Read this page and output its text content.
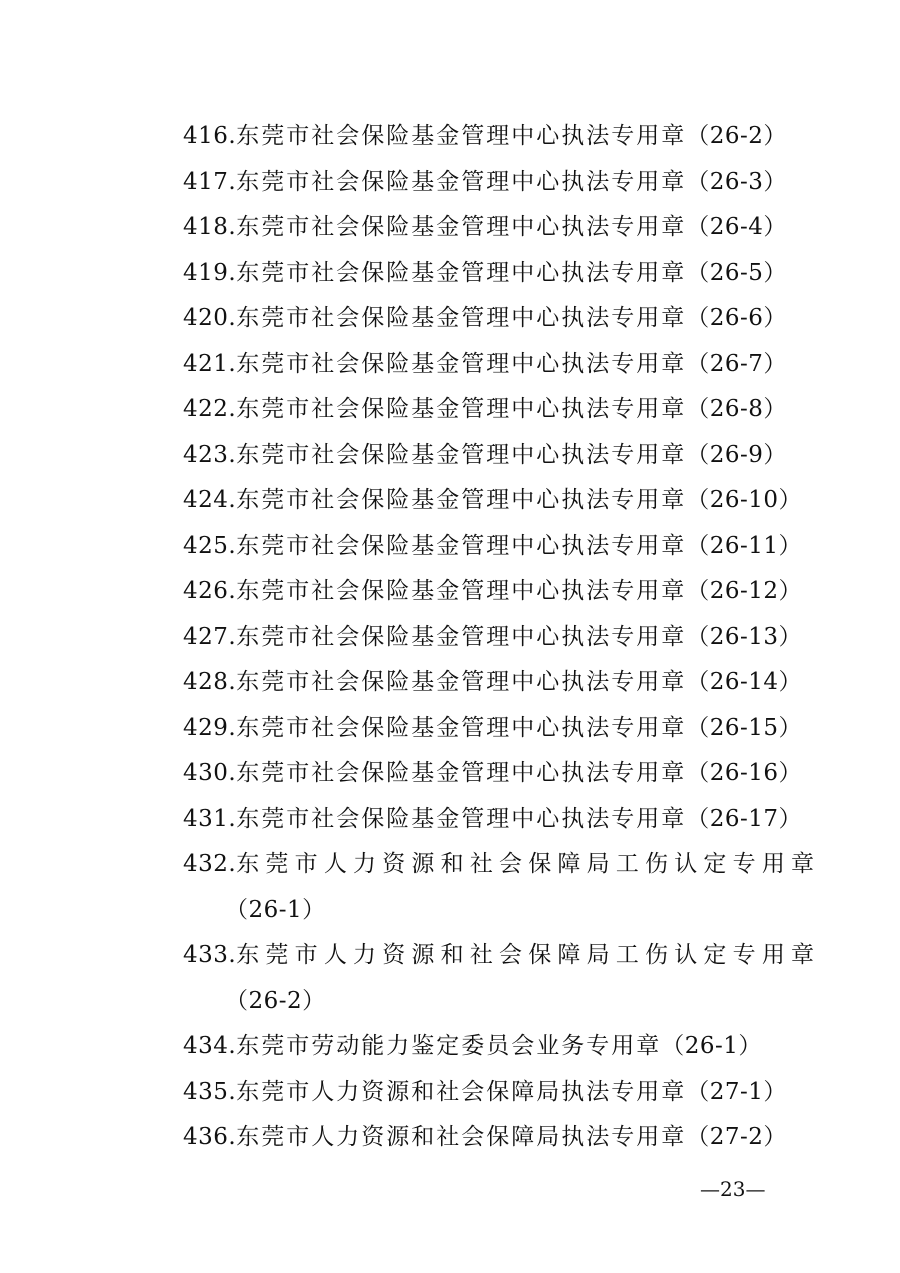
416.东莞市社会保险基金管理中心执法专用章（26-2）
417.东莞市社会保险基金管理中心执法专用章（26-3）
418.东莞市社会保险基金管理中心执法专用章（26-4）
419.东莞市社会保险基金管理中心执法专用章（26-5）
420.东莞市社会保险基金管理中心执法专用章（26-6）
421.东莞市社会保险基金管理中心执法专用章（26-7）
422.东莞市社会保险基金管理中心执法专用章（26-8）
423.东莞市社会保险基金管理中心执法专用章（26-9）
424.东莞市社会保险基金管理中心执法专用章（26-10）
425.东莞市社会保险基金管理中心执法专用章（26-11）
426.东莞市社会保险基金管理中心执法专用章（26-12）
427.东莞市社会保险基金管理中心执法专用章（26-13）
428.东莞市社会保险基金管理中心执法专用章（26-14）
429.东莞市社会保险基金管理中心执法专用章（26-15）
430.东莞市社会保险基金管理中心执法专用章（26-16）
431.东莞市社会保险基金管理中心执法专用章（26-17）
432.东莞市人力资源和社会保障局工伤认定专用章
（26-1）
433.东莞市人力资源和社会保障局工伤认定专用章
（26-2）
434.东莞市劳动能力鉴定委员会业务专用章（26-1）
435.东莞市人力资源和社会保障局执法专用章（27-1）
436.东莞市人力资源和社会保障局执法专用章（27-2）
—23—
